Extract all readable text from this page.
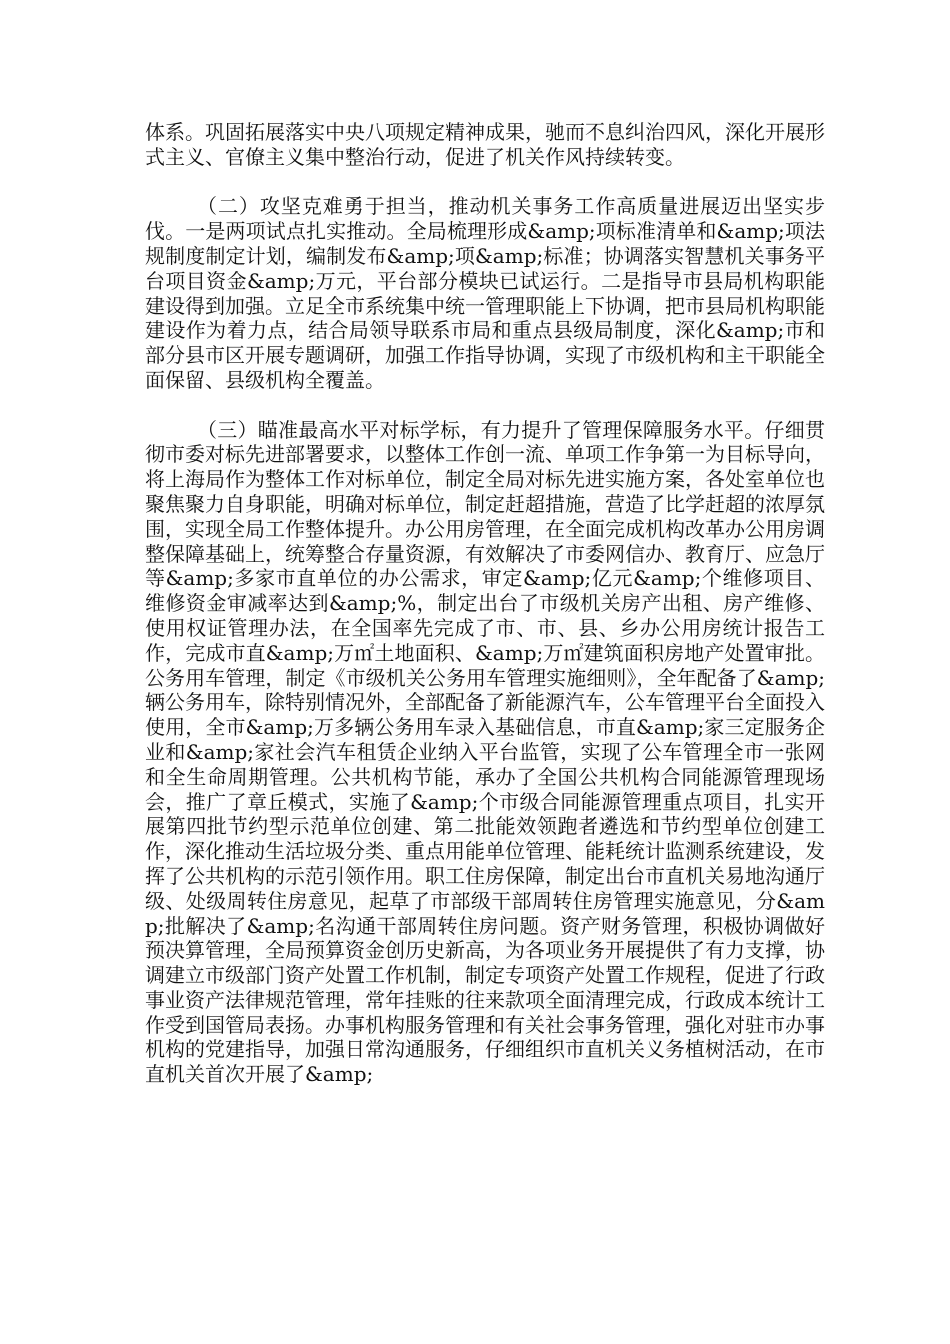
体系。巩固拓展落实中央八项规定精神成果，驰而不息纠治四风，深化开展形式主义、官僚主义集中整治行动，促进了机关作风持续转变。

（二）攻坚克难勇于担当，推动机关事务工作高质量进展迈出坚实步伐。一是两项试点扎实推动。全局梳理形成&amp;项标准清单和&amp;项法规制度制定计划，编制发布&amp;项&amp;标准；协调落实智慧机关事务平台项目资金&amp;万元，平台部分模块已试运行。二是指导市县局机构职能建设得到加强。立足全市系统集中统一管理职能上下协调，把市县局机构职能建设作为着力点，结合局领导联系市局和重点县级局制度，深化&amp;市和部分县市区开展专题调研，加强工作指导协调，实现了市级机构和主干职能全面保留、县级机构全覆盖。

（三）瞄准最高水平对标学标，有力提升了管理保障服务水平。仔细贯彻市委对标先进部署要求，以整体工作创一流、单项工作争第一为目标导向，将上海局作为整体工作对标单位，制定全局对标先进实施方案，各处室单位也聚焦聚力自身职能，明确对标单位，制定赶超措施，营造了比学赶超的浓厚氛围，实现全局工作整体提升。办公用房管理，在全面完成机构改革办公用房调整保障基础上，统筹整合存量资源，有效解决了市委网信办、教育厅、应急厅等&amp;多家市直单位的办公需求，审定&amp;亿元&amp;个维修项目、维修资金审减率达到&amp;%，制定出台了市级机关房产出租、房产维修、使用权证管理办法，在全国率先完成了市、市、县、乡办公用房统计报告工作，完成市直&amp;万㎡土地面积、&amp;万㎡建筑面积房地产处置审批。公务用车管理，制定《市级机关公务用车管理实施细则》，全年配备了&amp;辆公务用车，除特别情况外，全部配备了新能源汽车，公车管理平台全面投入使用，全市&amp;万多辆公务用车录入基础信息，市直&amp;家三定服务企业和&amp;家社会汽车租赁企业纳入平台监管，实现了公车管理全市一张网和全生命周期管理。公共机构节能，承办了全国公共机构合同能源管理现场会，推广了章丘模式，实施了&amp;个市级合同能源管理重点项目，扎实开展第四批节约型示范单位创建、第二批能效领跑者遴选和节约型单位创建工作，深化推动生活垃圾分类、重点用能单位管理、能耗统计监测系统建设，发挥了公共机构的示范引领作用。职工住房保障，制定出台市直机关易地沟通厅级、处级周转住房意见，起草了市部级干部周转住房管理实施意见，分&amp;批解决了&amp;名沟通干部周转住房问题。资产财务管理，积极协调做好预决算管理，全局预算资金创历史新高，为各项业务开展提供了有力支撑，协调建立市级部门资产处置工作机制，制定专项资产处置工作规程，促进了行政事业资产法律规范管理，常年挂账的往来款项全面清理完成，行政成本统计工作受到国管局表扬。办事机构服务管理和有关社会事务管理，强化对驻市办事机构的党建指导，加强日常沟通服务，仔细组织市直机关义务植树活动，在市直机关首次开展了&amp;
